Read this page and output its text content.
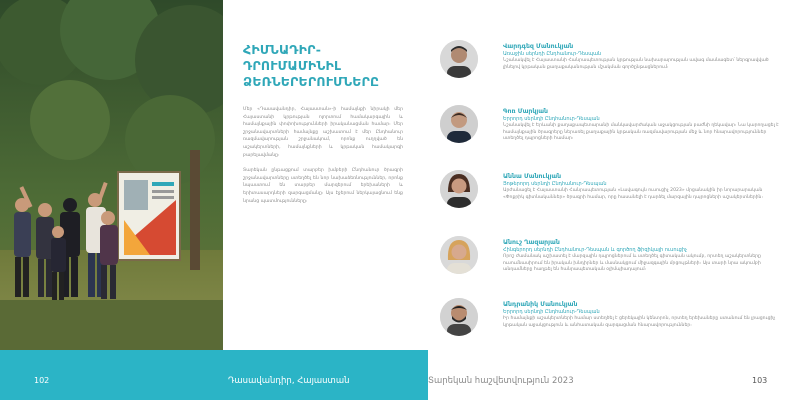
ՀԻՄՆԱԴԻՐ-
ԴՐՈՒՄԱՄԻՆԻԼ
ՁԵՌՆԵՐԵՐՈՒՄՆԵՐԸ

Մեր «Դասավանդիր, Հայաստան»-ի համայնքի նիրակի մեր Հայաստանի կրթության ոլորտում համակարգային և համայնքային փոփոխությունների իրականացման համար։ Մեր շրջանավարտների համայնքը աշխատում է մեր Ընդհանուր ռազմավարության շրջանակում, որոնք ուղղված են աշակերտների, համայնքների և կրթական համակարգի բարելավմանը։

Տարեկան ընթացքում տարբեր խմբերի Ընդհանուր ծրագրի շրջանավարտները ստեղծել են նոր նախաձեռնություններ, որոնք նպաստում են տարբեր մարզերում երեխաների և երիտասարդների զարգացմանը։ Այս էջերում ներկայացնում ենք նրանց պատմությունները։

Վարդգեզ Մանուկյան
Առաջին սերնդի Ընդհանուր-Դեսպան
Նշանակվել է Հայաստանի Հանրապետության կրթության նախարարության ավագ մասնագետ՝ ներգրավված լինելով կրթական քաղաքականության մշակման գործընթացներում։
Գոռ Մարկյան
Երրորդ սերնդի Ընդհանուր-Դեսպան
Նշանակվել է Երևանի քաղաքապետարանի մանկավարժական աջակցության բաժնի ղեկավար։ Նա կարողացել է համայնքային ծրագրերը ներառել քաղաքային կրթական ռազմավարության մեջ և նոր հնարավորություններ ստեղծել դպրոցների համար։
Աննա Մանուկյան
Յոթերորդ սերնդի Ընդհանուր-Դեսպան
Արժանացել է Հայաստանի Հանրապետության «Լավագույն ուսուցիչ 2023» մրցանակին իր նորարարական «Փոքրիկ գիտնականներ» ծրագրի համար, որը հասանելի է դարձել մարզային դպրոցների աշակերտներին։
Անուշ Ղազարյան
Հինգերորդ սերնդի Ընդհանուր-Դեսպան և գործող ֆիզիկայի ուսուցիչ
Որոշ ժամանակ աշխատել է մարզային դպրոցներում և ստեղծել գիտական ակումբ, որտեղ աշակերտները ուսումնասիրում են իրական խնդիրներ և մասնակցում միջազգային մրցույթների։ Այս տարի նրա ակումբի անդամները հաղթել են հանրապետական օլիմպիադայում։
Անդրանիկ Մանուկյան
Երրորդ սերնդի Ընդհանուր-Դեսպան
Իր համայնքի աշակերտների համար ստեղծել է ցերեկային կենտրոն, որտեղ երեխաները ստանում են լրացուցիչ կրթական աջակցություն և անհատական զարգացման հնարավորություններ։
102	Դասավանդիր, Հայաստան	Տարեկան հաշվետվություն 2023	103
